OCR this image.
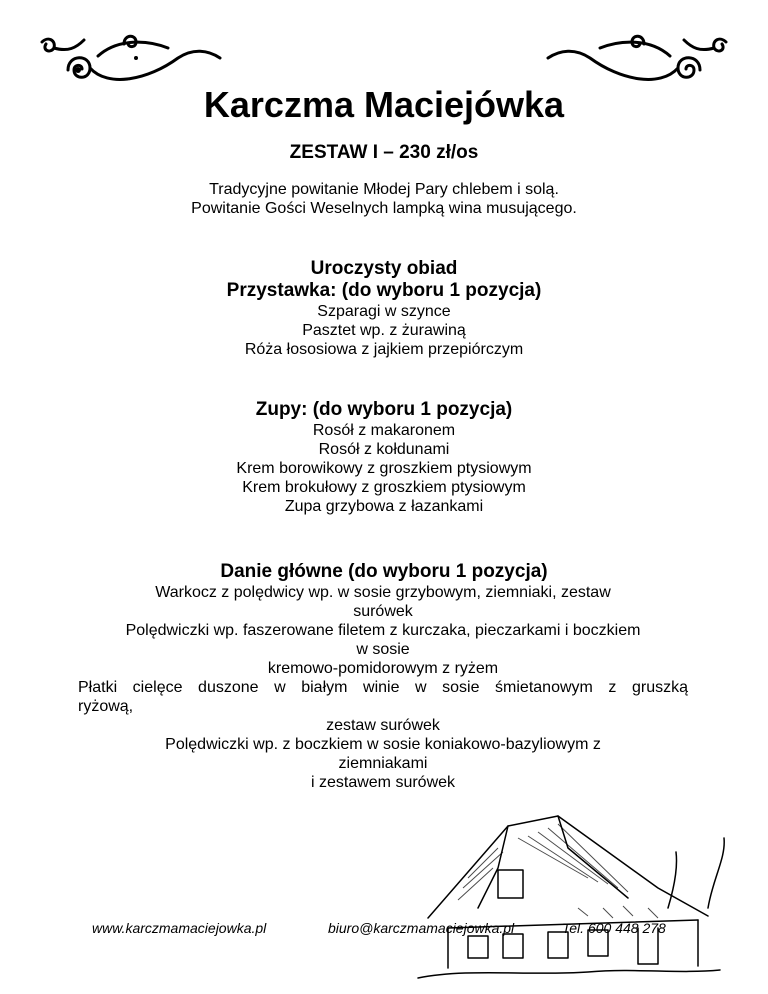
Karczma Maciejówka
ZESTAW I – 230 zł/os
Tradycyjne powitanie Młodej Pary chlebem i solą.
Powitanie Gości Weselnych lampką wina musującego.
Uroczysty obiad
Przystawka: (do wyboru 1 pozycja)
Szparagi w szynce
Pasztet wp. z żurawiną
Róża łososiowa z jajkiem przepiórczym
Zupy: (do wyboru 1 pozycja)
Rosół z makaronem
Rosół z kołdunami
Krem borowikowy z groszkiem ptysiowym
Krem brokułowy z groszkiem ptysiowym
Zupa grzybowa z łazankami
Danie główne (do wyboru 1 pozycja)
Warkocz z polędwicy wp. w sosie grzybowym, ziemniaki, zestaw
surówek
Polędwiczki wp. faszerowane filetem z kurczaka, pieczarkami i boczkiem
w sosie
kremowo-pomidorowym z ryżem
Płatki cielęce duszone w białym winie w sosie śmietanowym z gruszką
ryżową,
zestaw surówek
Polędwiczki wp. z boczkiem w sosie koniakowo-bazyliowym z
ziemniakami
i zestawem surówek
www.karczmamaciejowka.pl	biuro@karczmamaciejowka.pl	Tel. 600 448 278
